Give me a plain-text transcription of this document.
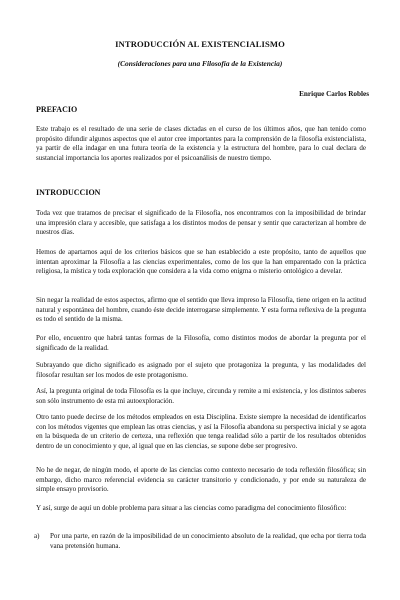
INTRODUCCIÓN AL EXISTENCIALISMO
(Consideraciones para una Filosofía de la Existencia)
Enrique Carlos Robles
PREFACIO

Este trabajo es el resultado de una serie de clases dictadas en el curso de los últimos años, que han tenido como propósito difundir algunos aspectos que el autor cree importantes para la comprensión de la filosofía existencialista, ya partir de ella indagar en una futura teoría de la existencia y la estructura del hombre, para lo cual declara de sustancial importancia los aportes realizados por el psicoanálisis de nuestro tiempo.

INTRODUCCION

Toda vez que tratamos de precisar el significado de la Filosofía, nos encontramos con la imposibilidad de brindar una impresión clara y accesible, que satisfaga a los distintos modos de pensar y sentir que caracterizan al hombre de nuestros días.

Hemos de apartarnos aquí de los criterios básicos que se han establecido a este propósito, tanto de aquellos que intentan aproximar la Filosofía a las ciencias experimentales, como de los que la han emparentado con la práctica religiosa, la mística y toda exploración que considera a la vida como enigma o misterio ontológico a develar.

Sin negar la realidad de estos aspectos, afirmo que el sentido que lleva impreso la Filosofía, tiene origen en la actitud natural y espontánea del hombre, cuando éste decide interrogarse simplemente. Y esta forma reflexiva de la pregunta es todo el sentido de la misma.

Por ello, encuentro que habrá tantas formas de la Filosofía, como distintos modos de abordar la pregunta por el significado de la realidad.

Subrayando que dicho significado es asignado por el sujeto que protagoniza la pregunta, y las modalidades del filosofar resultan ser los modos de este protagonismo.

Así, la pregunta original de toda Filosofía es la que incluye, circunda y remite a mi existencia, y los distintos saberes son sólo instrumento de esta mi autoexploración.

Otro tanto puede decirse de los métodos empleados en esta Disciplina. Existe siempre la necesidad de identificarlos con los métodos vigentes que emplean las otras ciencias, y así la Filosofía abandona su perspectiva inicial y se agota en la búsqueda de un criterio de certeza, una reflexión que tenga realidad sólo a partir de los resultados obtenidos dentro de un conocimiento y que, al igual que en las ciencias, se supone debe ser progresivo.

No he de negar, de ningún modo, el aporte de las ciencias como contexto necesario de toda reflexión filosófica; sin embargo, dicho marco referencial evidencia su carácter transitorio y condicionado, y por ende su naturaleza de simple ensayo provisorio.

Y así, surge de aquí un doble problema para situar a las ciencias como paradigma del conocimiento filosófico:

a) Por una parte, en razón de la imposibilidad de un conocimiento absoluto de la realidad, que echa por tierra toda vana pretensión humana.
